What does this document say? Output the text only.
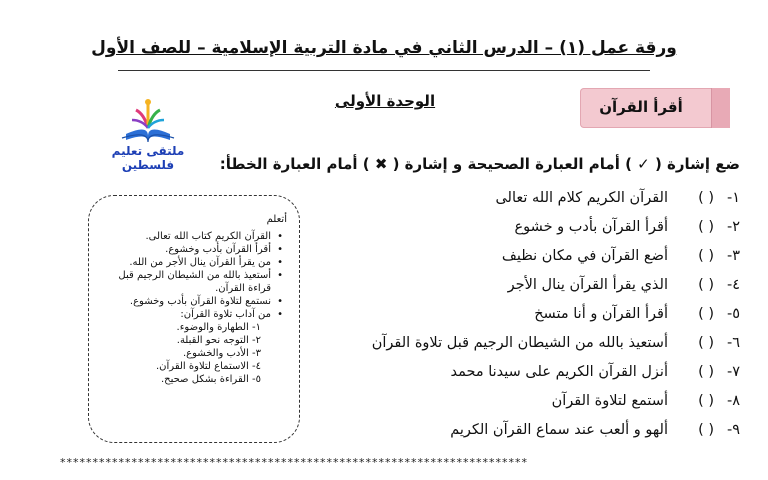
ورقة عمل (١) – الدرس الثاني في مادة التربية الإسلامية – للصف الأول
أقرأ القرآن
الوحدة الأولى
ملتقى تعليم فلسطين	ضع إشارة ( ✓ ) أمام العبارة الصحيحة و إشارة ( ✖ ) أمام العبارة الخطأ:
١-( )القرآن الكريم كلام الله تعالى
٢-( )أقرأ القرآن بأدب و خشوع
٣-( )أضع القرآن في مكان نظيف
٤-( )الذي يقرأ القرآن ينال الأجر
٥-( )أقرأ القرآن و أنا متسخ
٦-( )أستعيذ بالله من الشيطان الرجيم قبل تلاوة القرآن
٧-( )أنزل القرآن الكريم على سيدنا محمد
٨-( )أستمع لتلاوة القرآن
٩-( )ألهو و ألعب عند سماع القرآن الكريم
أتعلم
• القرآن الكريم كتاب الله تعالى.
• أقرأ القرآن بأدب وخشوع.
• من يقرأ القرآن ينال الأجر من الله.
• أستعيذ بالله من الشيطان الرجيم قبل قراءة القرآن.
• نستمع لتلاوة القرآن بأدب وخشوع.
• من آداب تلاوة القرآن:
١- الطهارة والوضوء.
٢- التوجه نحو القبلة.
٣- الأدب والخشوع.
٤- الاستماع لتلاوة القرآن.
٥- القراءة بشكل صحيح.
************************************************************************
